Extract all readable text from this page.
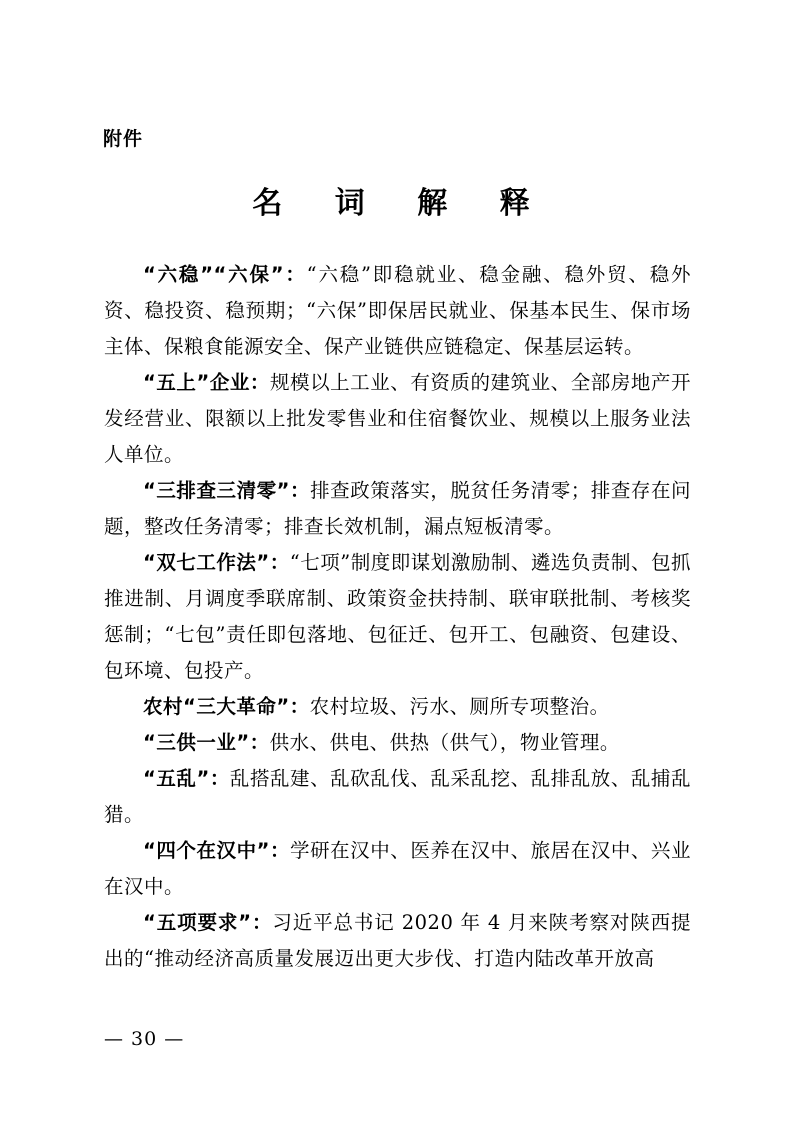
附件
名 词 解 释

“六稳”“六保”：“六稳”即稳就业、稳金融、稳外贸、稳外资、稳投资、稳预期；“六保”即保居民就业、保基本民生、保市场主体、保粮食能源安全、保产业链供应链稳定、保基层运转。

“五上”企业：规模以上工业、有资质的建筑业、全部房地产开发经营业、限额以上批发零售业和住宿餐饮业、规模以上服务业法人单位。

“三排查三清零”：排查政策落实，脱贫任务清零；排查存在问题，整改任务清零；排查长效机制，漏点短板清零。

“双七工作法”：“七项”制度即谋划激励制、遴选负责制、包抓推进制、月调度季联席制、政策资金扶持制、联审联批制、考核奖惩制；“七包”责任即包落地、包征迁、包开工、包融资、包建设、包环境、包投产。

农村“三大革命”：农村垃圾、污水、厕所专项整治。

“三供一业”：供水、供电、供热（供气），物业管理。

“五乱”：乱搭乱建、乱砍乱伐、乱采乱挖、乱排乱放、乱捕乱猎。

“四个在汉中”：学研在汉中、医养在汉中、旅居在汉中、兴业在汉中。

“五项要求”：习近平总书记 2020 年 4 月来陕考察对陕西提出的“推动经济高质量发展迈出更大步伐、打造内陆改革开放高

— 30 —
